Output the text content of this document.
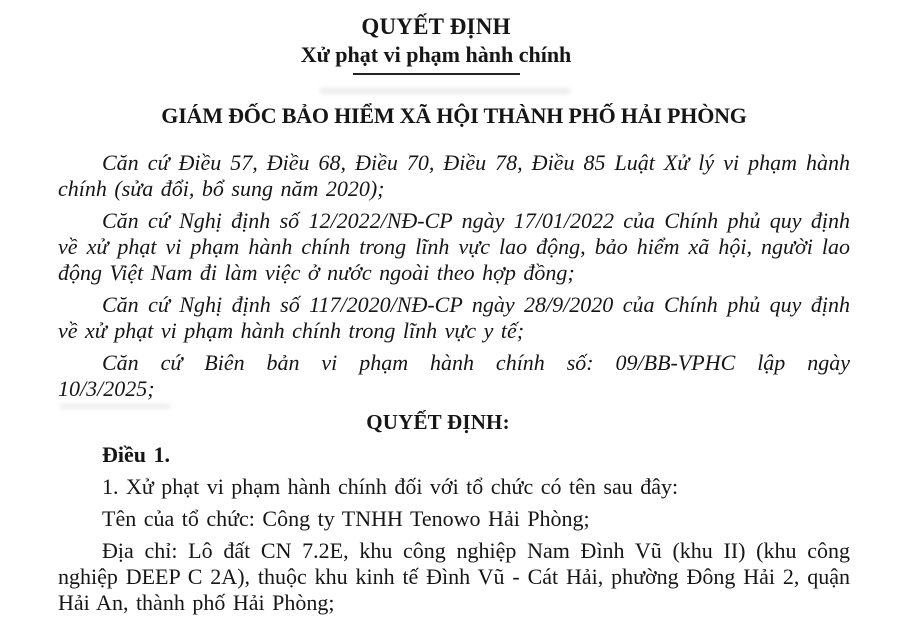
QUYẾT ĐỊNH
Xử phạt vi phạm hành chính
GIÁM ĐỐC BẢO HIỂM XÃ HỘI THÀNH PHỐ HẢI PHÒNG

Căn cứ Điều 57, Điều 68, Điều 70, Điều 78, Điều 85 Luật Xử lý vi phạm hành chính (sửa đổi, bổ sung năm 2020);

Căn cứ Nghị định số 12/2022/NĐ-CP ngày 17/01/2022 của Chính phủ quy định về xử phạt vi phạm hành chính trong lĩnh vực lao động, bảo hiểm xã hội, người lao động Việt Nam đi làm việc ở nước ngoài theo hợp đồng;

Căn cứ Nghị định số 117/2020/NĐ-CP ngày 28/9/2020 của Chính phủ quy định về xử phạt vi phạm hành chính trong lĩnh vực y tế;

Căn cứ Biên bản vi phạm hành chính số: 09/BB-VPHC lập ngày 10/3/2025;

QUYẾT ĐỊNH:

Điều 1.

1. Xử phạt vi phạm hành chính đối với tổ chức có tên sau đây:

Tên của tổ chức: Công ty TNHH Tenowo Hải Phòng;

Địa chỉ: Lô đất CN 7.2E, khu công nghiệp Nam Đình Vũ (khu II) (khu công nghiệp DEEP C 2A), thuộc khu kinh tế Đình Vũ - Cát Hải, phường Đông Hải 2, quận Hải An, thành phố Hải Phòng;
